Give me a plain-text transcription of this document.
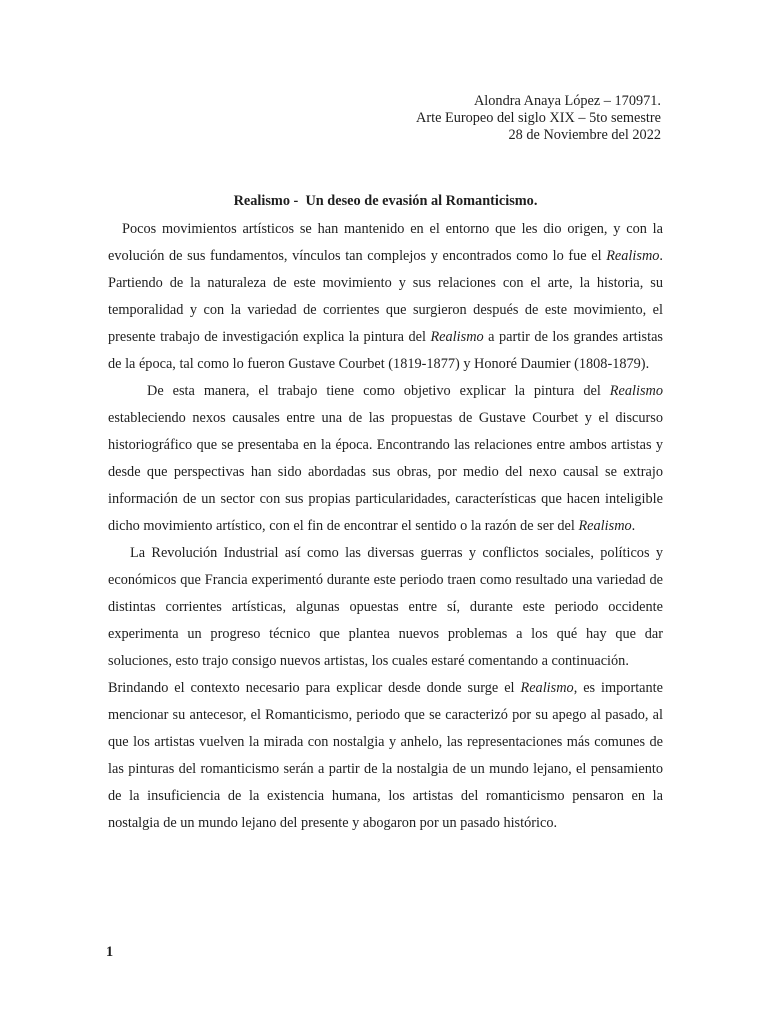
Alondra Anaya López – 170971.
Arte Europeo del siglo XIX – 5to semestre
28 de Noviembre del 2022
Realismo -  Un deseo de evasión al Romanticismo.

Pocos movimientos artísticos se han mantenido en el entorno que les dio origen, y con la evolución de sus fundamentos, vínculos tan complejos y encontrados como lo fue el Realismo. Partiendo de la naturaleza de este movimiento y sus relaciones con el arte, la historia, su temporalidad y con la variedad de corrientes que surgieron después de este movimiento, el presente trabajo de investigación explica la pintura del Realismo a partir de los grandes artistas de la época, tal como lo fueron Gustave Courbet (1819-1877) y Honoré Daumier (1808-1879).

De esta manera, el trabajo tiene como objetivo explicar la pintura del Realismo estableciendo nexos causales entre una de las propuestas de Gustave Courbet y el discurso historiográfico que se presentaba en la época. Encontrando las relaciones entre ambos artistas y desde que perspectivas han sido abordadas sus obras, por medio del nexo causal se extrajo información de un sector con sus propias particularidades, características que hacen inteligible dicho movimiento artístico, con el fin de encontrar el sentido o la razón de ser del Realismo.

La Revolución Industrial así como las diversas guerras y conflictos sociales, políticos y económicos que Francia experimentó durante este periodo traen como resultado una variedad de distintas corrientes artísticas, algunas opuestas entre sí, durante este periodo occidente experimenta un progreso técnico que plantea nuevos problemas a los qué hay que dar soluciones, esto trajo consigo nuevos artistas, los cuales estaré comentando a continuación.

Brindando el contexto necesario para explicar desde donde surge el Realismo, es importante mencionar su antecesor, el Romanticismo, periodo que se caracterizó por su apego al pasado, al que los artistas vuelven la mirada con nostalgia y anhelo, las representaciones más comunes de las pinturas del romanticismo serán a partir de la nostalgia de un mundo lejano, el pensamiento de la insuficiencia de la existencia humana, los artistas del romanticismo pensaron en la nostalgia de un mundo lejano del presente y abogaron por un pasado histórico.

1
